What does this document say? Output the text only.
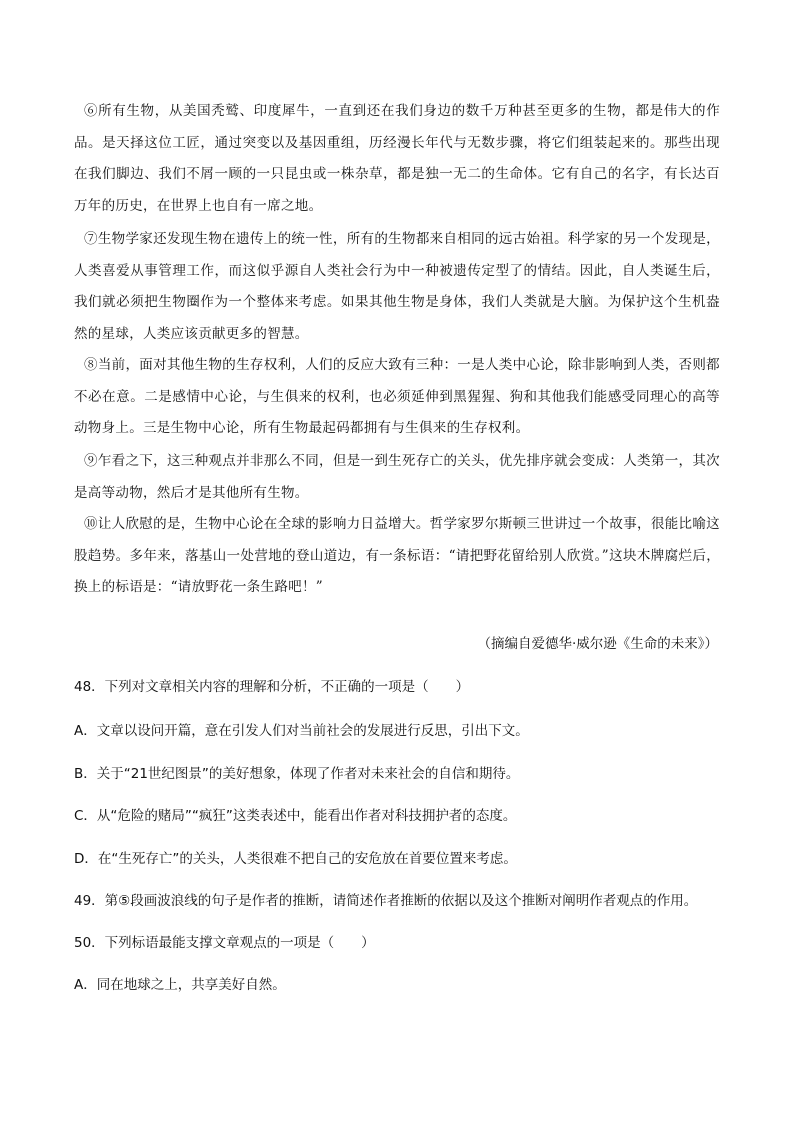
⑥所有生物，从美国秃鹫、印度犀牛，一直到还在我们身边的数千万种甚至更多的生物，都是伟大的作品。是天择这位工匠，通过突变以及基因重组，历经漫长年代与无数步骤，将它们组装起来的。那些出现在我们脚边、我们不屑一顾的一只昆虫或一株杂草，都是独一无二的生命体。它有自己的名字，有长达百万年的历史，在世界上也自有一席之地。
⑦生物学家还发现生物在遗传上的统一性，所有的生物都来自相同的远古始祖。科学家的另一个发现是，人类喜爱从事管理工作，而这似乎源自人类社会行为中一种被遗传定型了的情结。因此，自人类诞生后，我们就必须把生物圈作为一个整体来考虑。如果其他生物是身体，我们人类就是大脑。为保护这个生机盎然的星球，人类应该贡献更多的智慧。
⑧当前，面对其他生物的生存权利，人们的反应大致有三种：一是人类中心论，除非影响到人类，否则都不必在意。二是感情中心论，与生俱来的权利，也必须延伸到黑猩猩、狗和其他我们能感受同理心的高等动物身上。三是生物中心论，所有生物最起码都拥有与生俱来的生存权利。
⑨乍看之下，这三种观点并非那么不同，但是一到生死存亡的关头，优先排序就会变成：人类第一，其次是高等动物，然后才是其他所有生物。
⑩让人欣慰的是，生物中心论在全球的影响力日益增大。哲学家罗尔斯顿三世讲过一个故事，很能比喻这股趋势。多年来，落基山一处营地的登山道边，有一条标语：“请把野花留给别人欣赏。”这块木牌腐烂后，换上的标语是：“请放野花一条生路吧！”
（摘编自爱德华·威尔逊《生命的未来》）
48．下列对文章相关内容的理解和分析，不正确的一项是（　　）
A．文章以设问开篇，意在引发人们对当前社会的发展进行反思，引出下文。
B．关于“21世纪图景”的美好想象，体现了作者对未来社会的自信和期待。
C．从“危险的赌局”“疯狂”这类表述中，能看出作者对科技拥护者的态度。
D．在“生死存亡”的关头，人类很难不把自己的安危放在首要位置来考虑。
49．第⑤段画波浪线的句子是作者的推断，请简述作者推断的依据以及这个推断对阐明作者观点的作用。
50．下列标语最能支撑文章观点的一项是（　　）
A．同在地球之上，共享美好自然。
